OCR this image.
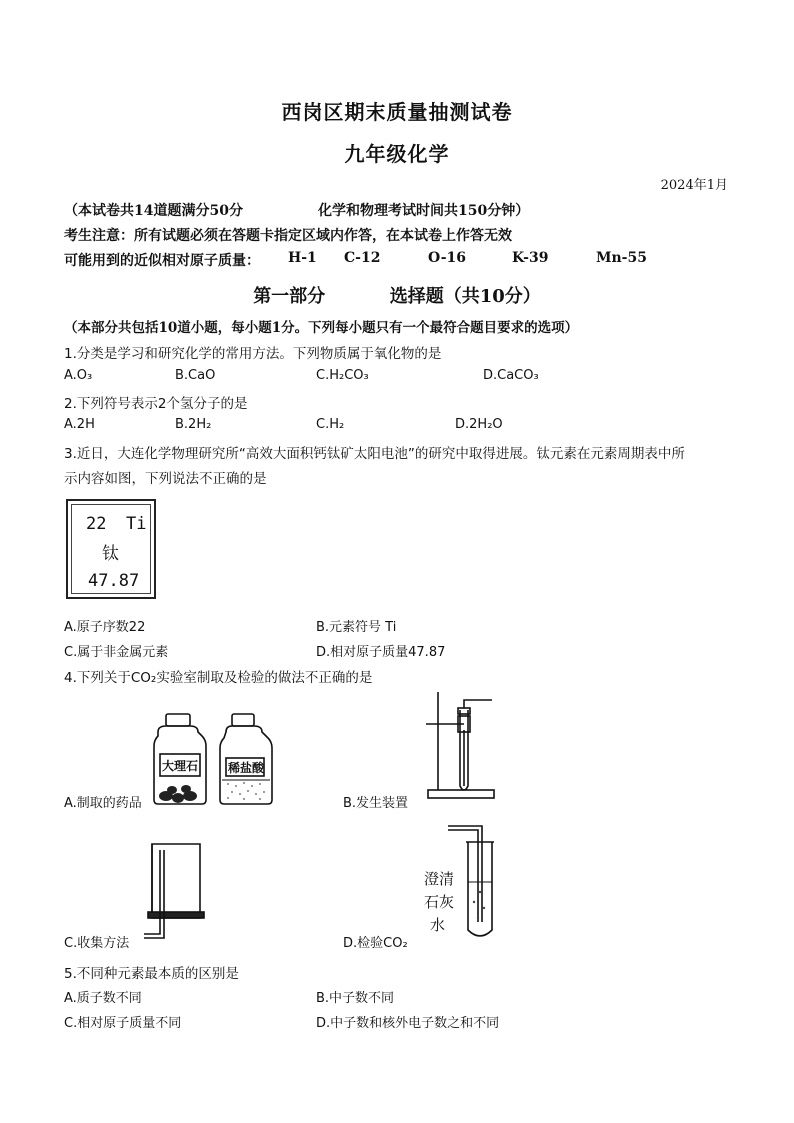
西岗区期末质量抽测试卷
九年级化学
2024年1月
（本试卷共14道题满分50分	化学和物理考试时间共150分钟）
考生注意：所有试题必须在答题卡指定区域内作答，在本试卷上作答无效
可能用到的近似相对原子质量： H-1 C-12	O-16	K-39	Mn-55
第一部分	选择题（共10分）
（本部分共包括10道小题，每小题1分。下列每小题只有一个最符合题目要求的选项）
1.分类是学习和研究化学的常用方法。下列物质属于氧化物的是
A.O₃	B.CaO	C.H₂CO₃	D.CaCO₃
2.下列符号表示2个氢分子的是
A.2H	B.2H₂	C.H₂	D.2H₂O
3.近日，大连化学物理研究所“高效大面积钙钛矿太阳电池”的研究中取得进展。钛元素在元素周期表中所
示内容如图，下列说法不正确的是
22 Ti
钛
47.87
A.原子序数22	B.元素符号 Ti
C.属于非金属元素	D.相对原子质量47.87
4.下列关于CO₂实验室制取及检验的做法不正确的是
大理石 稀盐酸
A.制取的药品	B.发生装置
C.收集方法
澄清
石灰
水
D.检验CO₂
5.不同种元素最本质的区别是
A.质子数不同	B.中子数不同
C.相对原子质量不同	D.中子数和核外电子数之和不同
